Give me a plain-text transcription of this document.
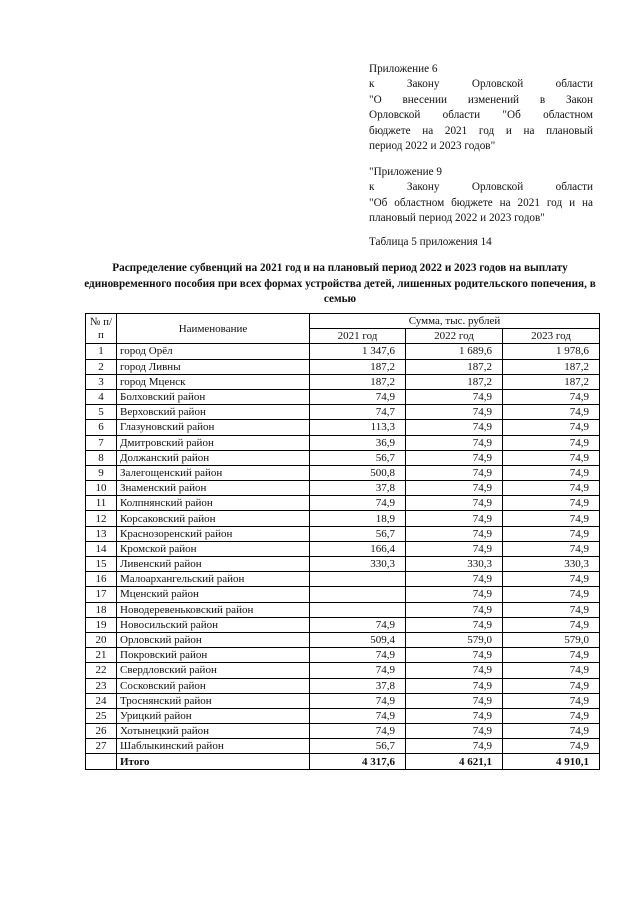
Приложение 6

к Закону Орловской области

"О внесении изменений в Закон

Орловской области "Об областном

бюджете на 2021 год и на плановый

период 2022 и 2023 годов"

"Приложение 9

к Закону Орловской области

"Об областном бюджете на 2021 год и на

плановый период 2022 и 2023 годов"

Таблица 5 приложения 14

Распределение субвенций на 2021 год и на плановый период 2022 и 2023 годов на выплату единовременного пособия при всех формах устройства детей, лишенных родительского попечения, в семью

№ п/п	Наименование	Сумма, тыс. рублей		
		2021 год	2022 год	2023 год
1	город Орёл	1 347,6	1 689,6	1 978,6
2	город Ливны	187,2	187,2	187,2
3	город Мценск	187,2	187,2	187,2
4	Болховский район	74,9	74,9	74,9
5	Верховский район	74,7	74,9	74,9
6	Глазуновский район	113,3	74,9	74,9
7	Дмитровский район	36,9	74,9	74,9
8	Должанский район	56,7	74,9	74,9
9	Залегощенский район	500,8	74,9	74,9
10	Знаменский район	37,8	74,9	74,9
11	Колпнянский район	74,9	74,9	74,9
12	Корсаковский район	18,9	74,9	74,9
13	Краснозоренский район	56,7	74,9	74,9
14	Кромской район	166,4	74,9	74,9
15	Ливенский район	330,3	330,3	330,3
16	Малоархангельский район		74,9	74,9
17	Мценский район		74,9	74,9
18	Новодеревеньковский район		74,9	74,9
19	Новосильский район	74,9	74,9	74,9
20	Орловский район	509,4	579,0	579,0
21	Покровский район	74,9	74,9	74,9
22	Свердловский район	74,9	74,9	74,9
23	Сосковский район	37,8	74,9	74,9
24	Троснянский район	74,9	74,9	74,9
25	Урицкий район	74,9	74,9	74,9
26	Хотынецкий район	74,9	74,9	74,9
27	Шаблыкинский район	56,7	74,9	74,9
	Итого	4 317,6	4 621,1	4 910,1
